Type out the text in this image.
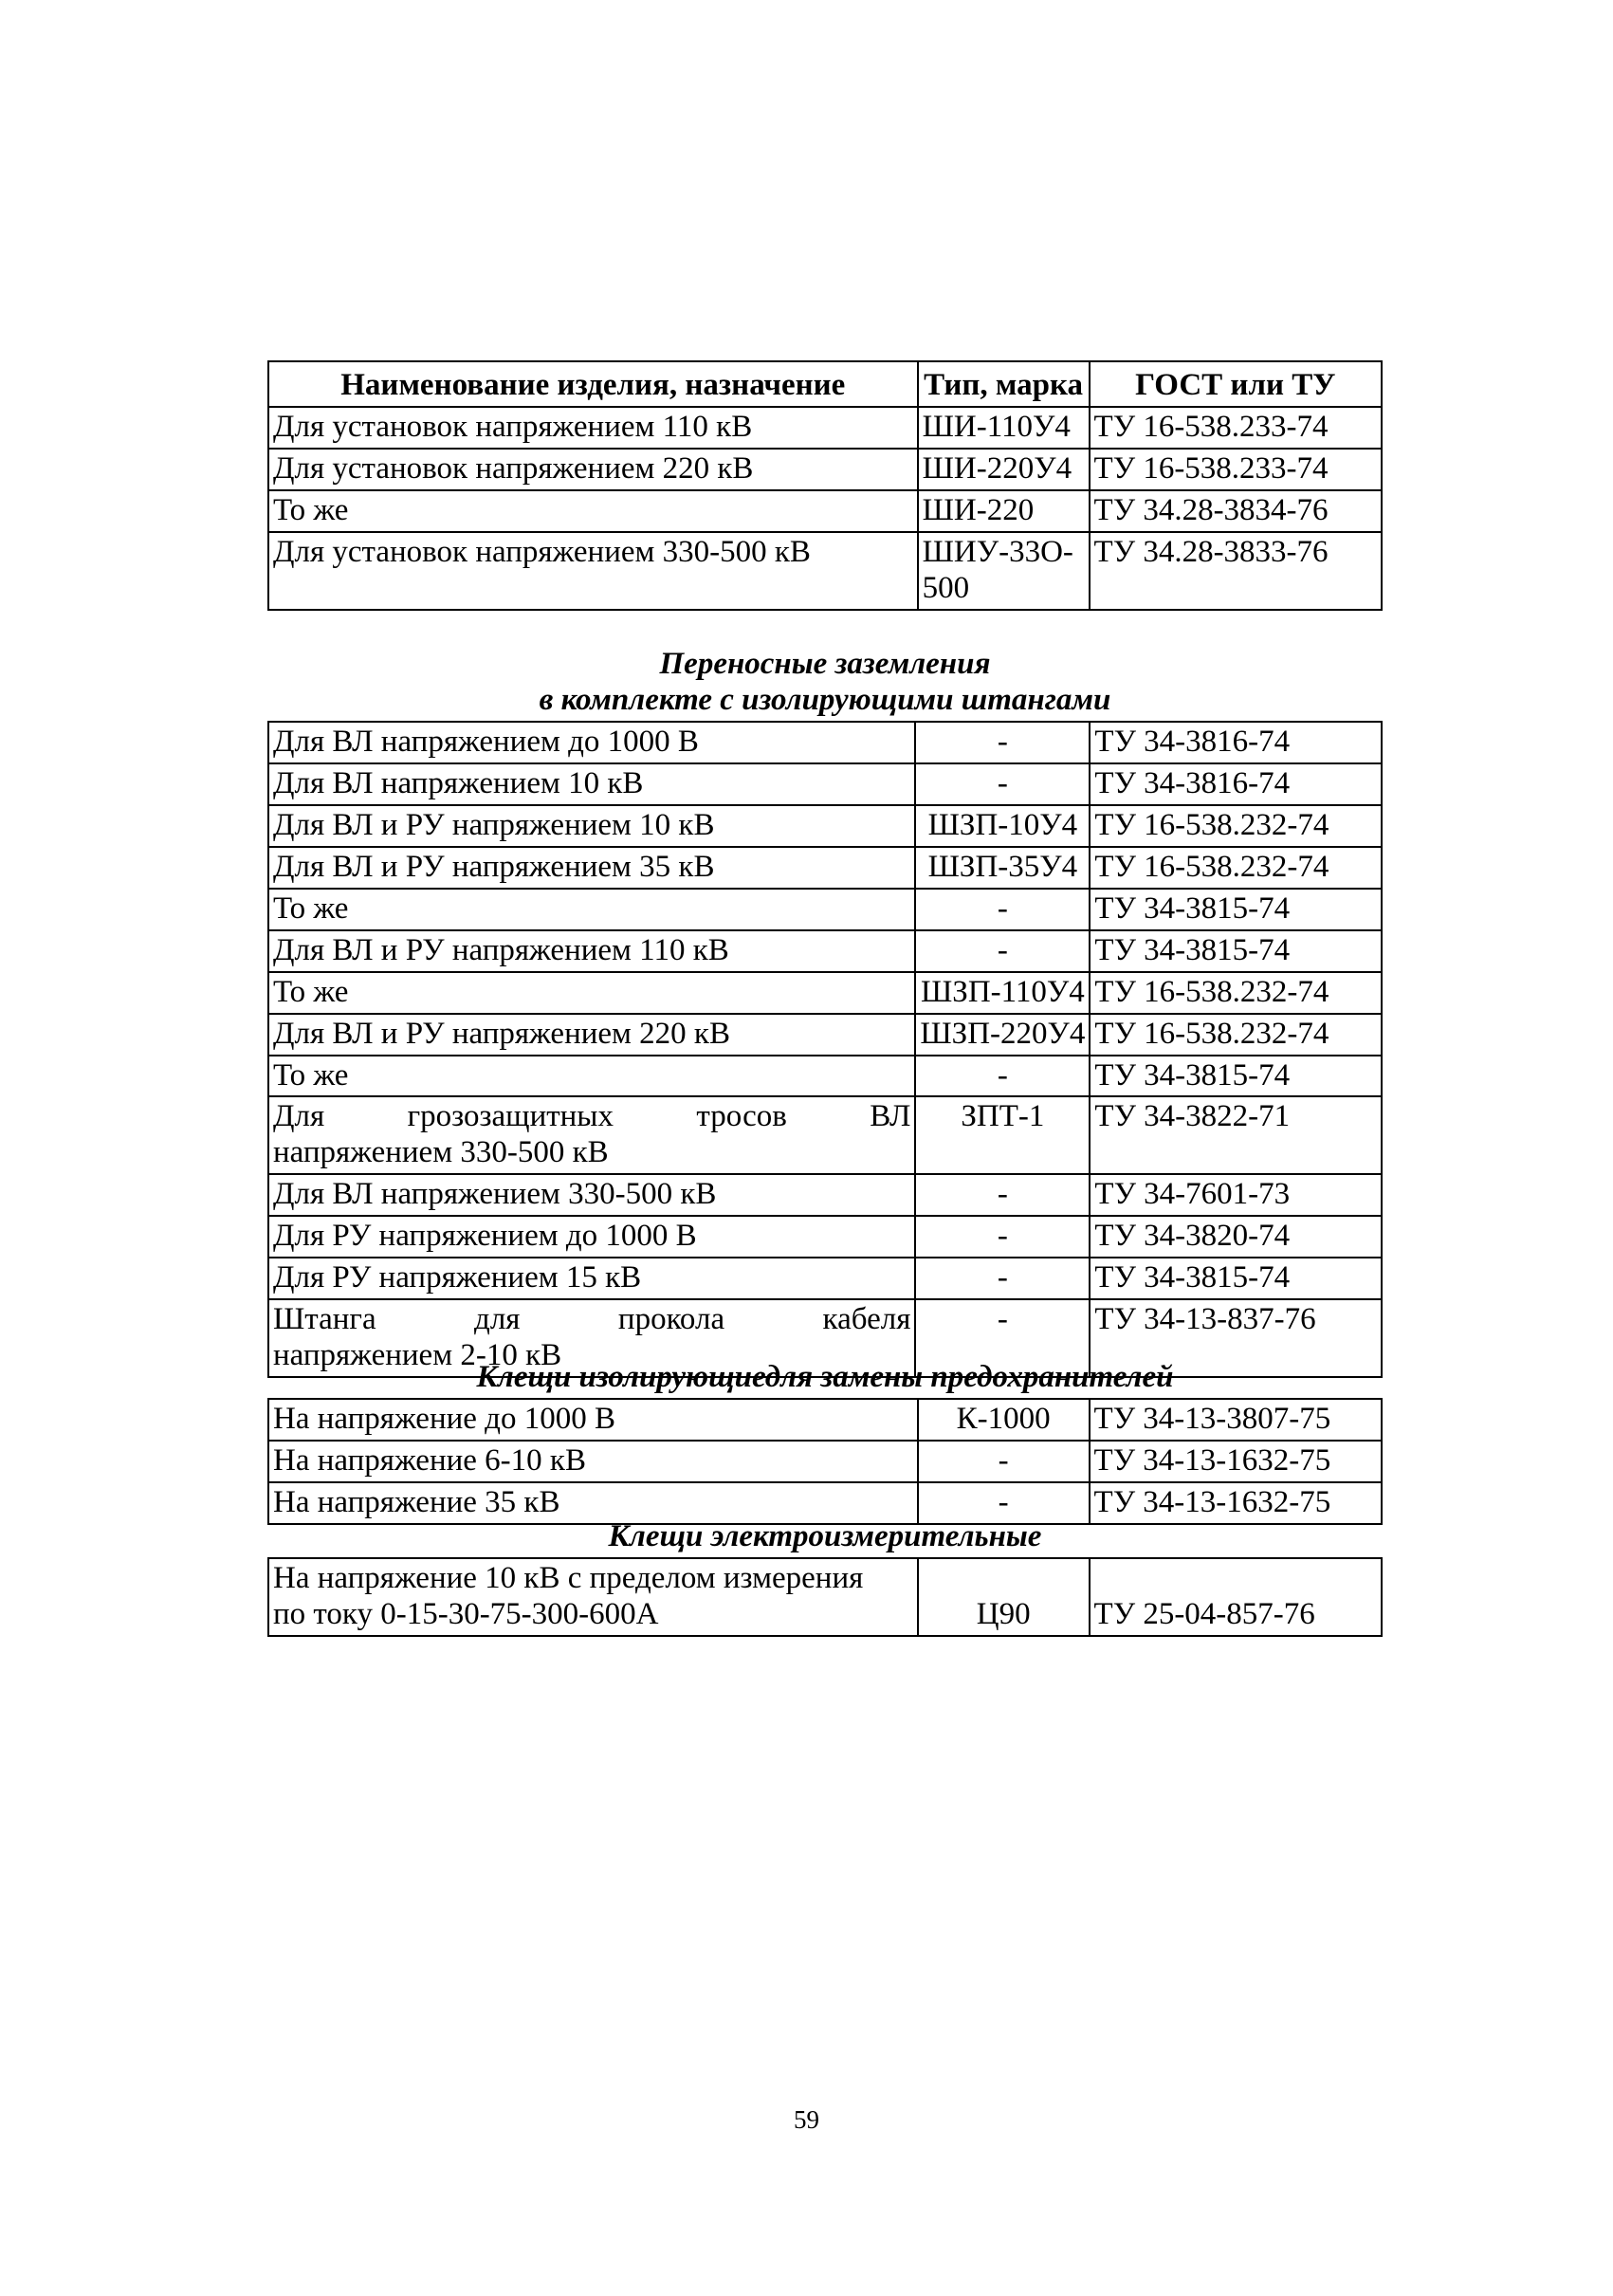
Наименование изделия, назначение	Тип, марка	ГОСТ или ТУ
Для установок напряжением 110 кВ	ШИ-110У4	ТУ 16-538.233-74
Для установок напряжением 220 кВ	ШИ-220У4	ТУ 16-538.233-74
То же	ШИ-220	ТУ 34.28-3834-76
Для установок напряжением 330-500 кВ	ШИУ-33О-500	ТУ 34.28-3833-76
Переносные заземления
в комплекте с изолирующими штангами
Для ВЛ напряжением до 1000 В	-	ТУ 34-3816-74
Для ВЛ напряжением 10 кВ	-	ТУ 34-3816-74
Для ВЛ и РУ напряжением 10 кВ	ШЗП-10У4	ТУ 16-538.232-74
Для ВЛ и РУ напряжением 35 кВ	ШЗП-35У4	ТУ 16-538.232-74
То же	-	ТУ 34-3815-74
Для ВЛ и РУ напряжением 110 кВ	-	ТУ 34-3815-74
То же	ШЗП-110У4	ТУ 16-538.232-74
Для ВЛ и РУ напряжением 220 кВ	ШЗП-220У4	ТУ 16-538.232-74
То же	-	ТУ 34-3815-74

Для грозозащитных тросов ВЛ
напряжением 330-500 кВ	ЗПТ-1	ТУ 34-3822-71
Для ВЛ напряжением 330-500 кВ	-	ТУ 34-7601-73
Для РУ напряжением до 1000 В	-	ТУ 34-3820-74
Для РУ напряжением 15 кВ	-	ТУ 34-3815-74

Штанга для прокола кабеля
напряжением 2-10 кВ	-	ТУ 34-13-837-76
Клещи изолирующиедля замены предохранителей
На напряжение до 1000 В	К-1000	ТУ 34-13-3807-75
На напряжение 6-10 кВ	-	ТУ 34-13-1632-75
На напряжение 35 кВ	-	ТУ 34-13-1632-75
Клещи электроизмерительные
На напряжение 10 кВ с пределом измерения
по току 0-15-30-75-300-600А	Ц90	ТУ 25-04-857-76
59
